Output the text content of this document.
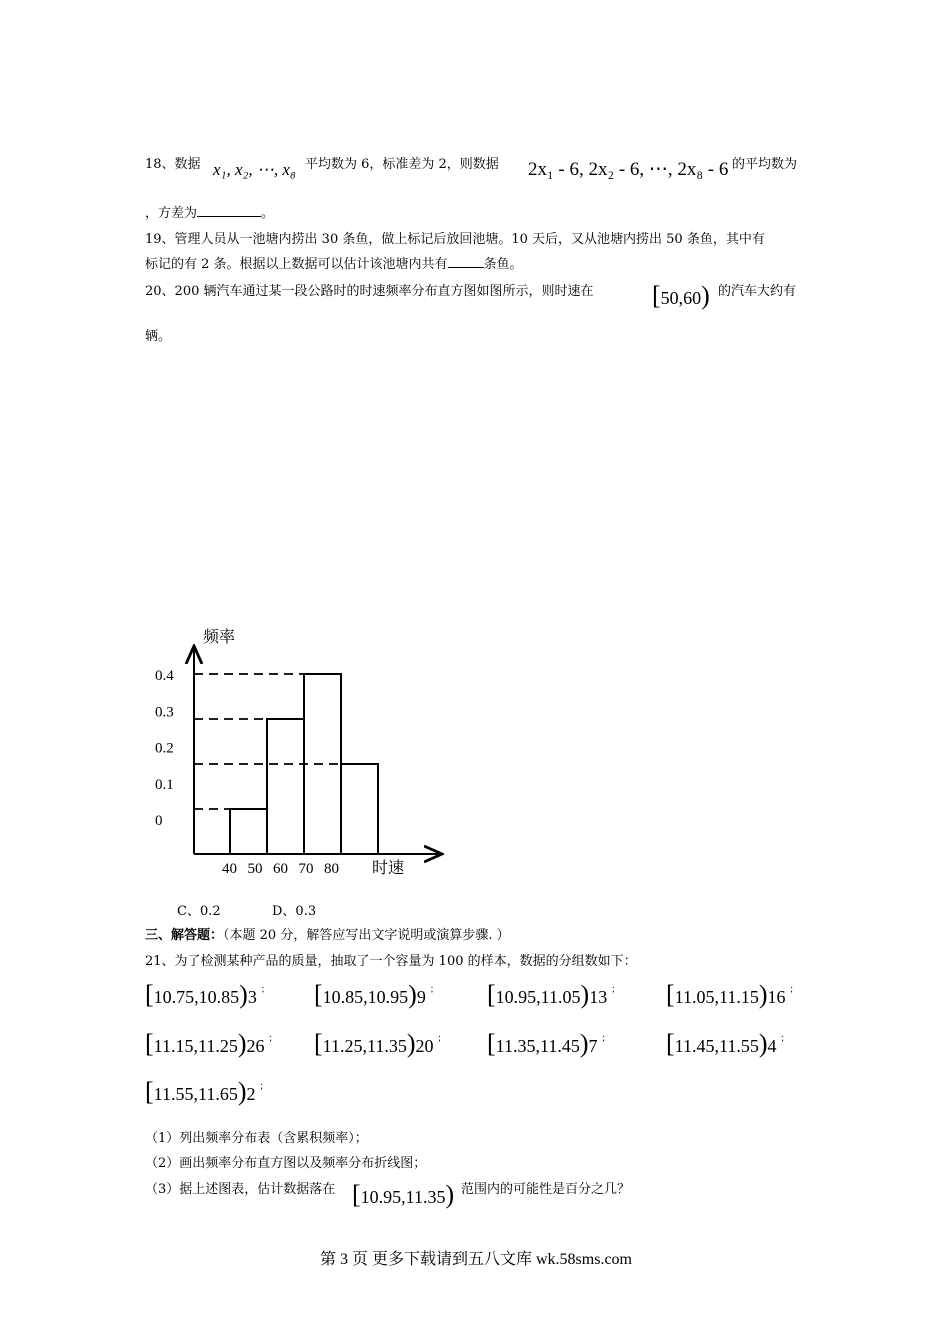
18、数据 x₁, x₂, ⋯, x₈ 平均数为 6，标准差为 2，则数据 2x₁ - 6, 2x₂ - 6, ⋯, 2x₈ - 6 的平均数为
，方差为	。
19、管理人员从一池塘内捞出 30 条鱼，做上标记后放回池塘。10 天后，又从池塘内捞出 50 条鱼，其中有
标记的有 2 条。根据以上数据可以估计该池塘内共有	条鱼。
20、200 辆汽车通过某一段公路时的时速频率分布直方图如图所示，则时速在 [50,60) 的汽车大约有
辆。
频率
时速
0
0.1
0.2
0.3
0.4
40 50 60 70 80
C、0.2	D、0.3
三、解答题：（本题 20 分，解答应写出文字说明或演算步骤. ）
21、为了检测某种产品的质量，抽取了一个容量为 100 的样本，数据的分组数如下：
[10.75,10.85)3 ； [10.85,10.95)9 ； [10.95,11.05)13 ； [11.05,11.15)16 ；
[11.15,11.25)26 ； [11.25,11.35)20 ； [11.35,11.45)7 ； [11.45,11.55)4 ；
[11.55,11.65)2 ；
（1）列出频率分布表（含累积频率）；
（2）画出频率分布直方图以及频率分布折线图；
（3）据上述图表，估计数据落在 [10.95,11.35) 范围内的可能性是百分之几？
第 3 页 更多下载请到五八文库 wk.58sms.com
